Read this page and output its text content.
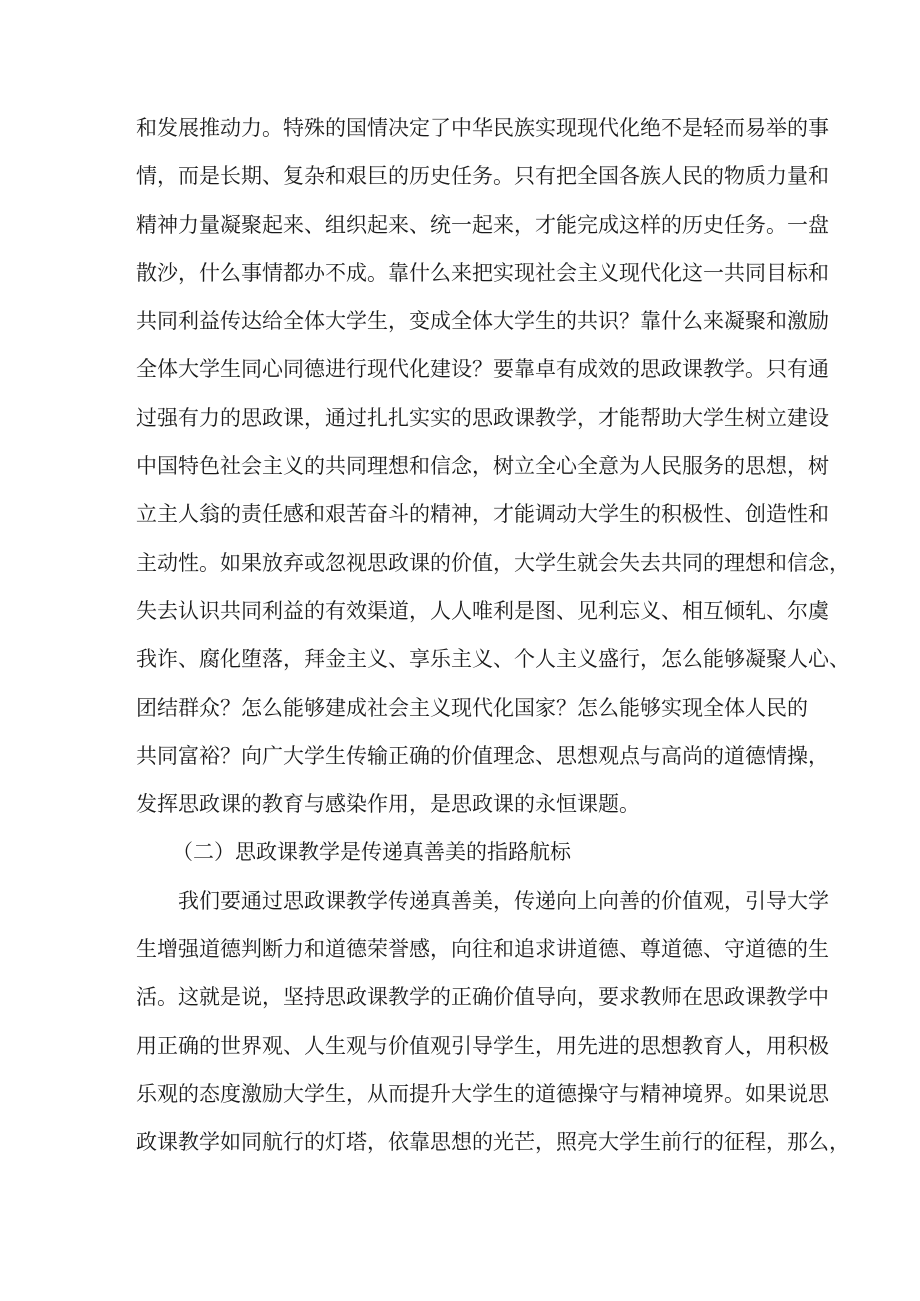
和发展推动力。特殊的国情决定了中华民族实现现代化绝不是轻而易举的事
情，而是长期、复杂和艰巨的历史任务。只有把全国各族人民的物质力量和
精神力量凝聚起来、组织起来、统一起来，才能完成这样的历史任务。一盘
散沙，什么事情都办不成。靠什么来把实现社会主义现代化这一共同目标和
共同利益传达给全体大学生，变成全体大学生的共识？靠什么来凝聚和激励
全体大学生同心同德进行现代化建设？要靠卓有成效的思政课教学。只有通
过强有力的思政课，通过扎扎实实的思政课教学，才能帮助大学生树立建设
中国特色社会主义的共同理想和信念，树立全心全意为人民服务的思想，树
立主人翁的责任感和艰苦奋斗的精神，才能调动大学生的积极性、创造性和
主动性。如果放弃或忽视思政课的价值，大学生就会失去共同的理想和信念，
失去认识共同利益的有效渠道，人人唯利是图、见利忘义、相互倾轧、尔虞
我诈、腐化堕落，拜金主义、享乐主义、个人主义盛行，怎么能够凝聚人心、
团结群众？怎么能够建成社会主义现代化国家？怎么能够实现全体人民的
共同富裕？向广大学生传输正确的价值理念、思想观点与高尚的道德情操，
发挥思政课的教育与感染作用，是思政课的永恒课题。
（二）思政课教学是传递真善美的指路航标
我们要通过思政课教学传递真善美，传递向上向善的价值观，引导大学
生增强道德判断力和道德荣誉感，向往和追求讲道德、尊道德、守道德的生
活。这就是说，坚持思政课教学的正确价值导向，要求教师在思政课教学中
用正确的世界观、人生观与价值观引导学生，用先进的思想教育人，用积极
乐观的态度激励大学生，从而提升大学生的道德操守与精神境界。如果说思
政课教学如同航行的灯塔，依靠思想的光芒，照亮大学生前行的征程，那么，
